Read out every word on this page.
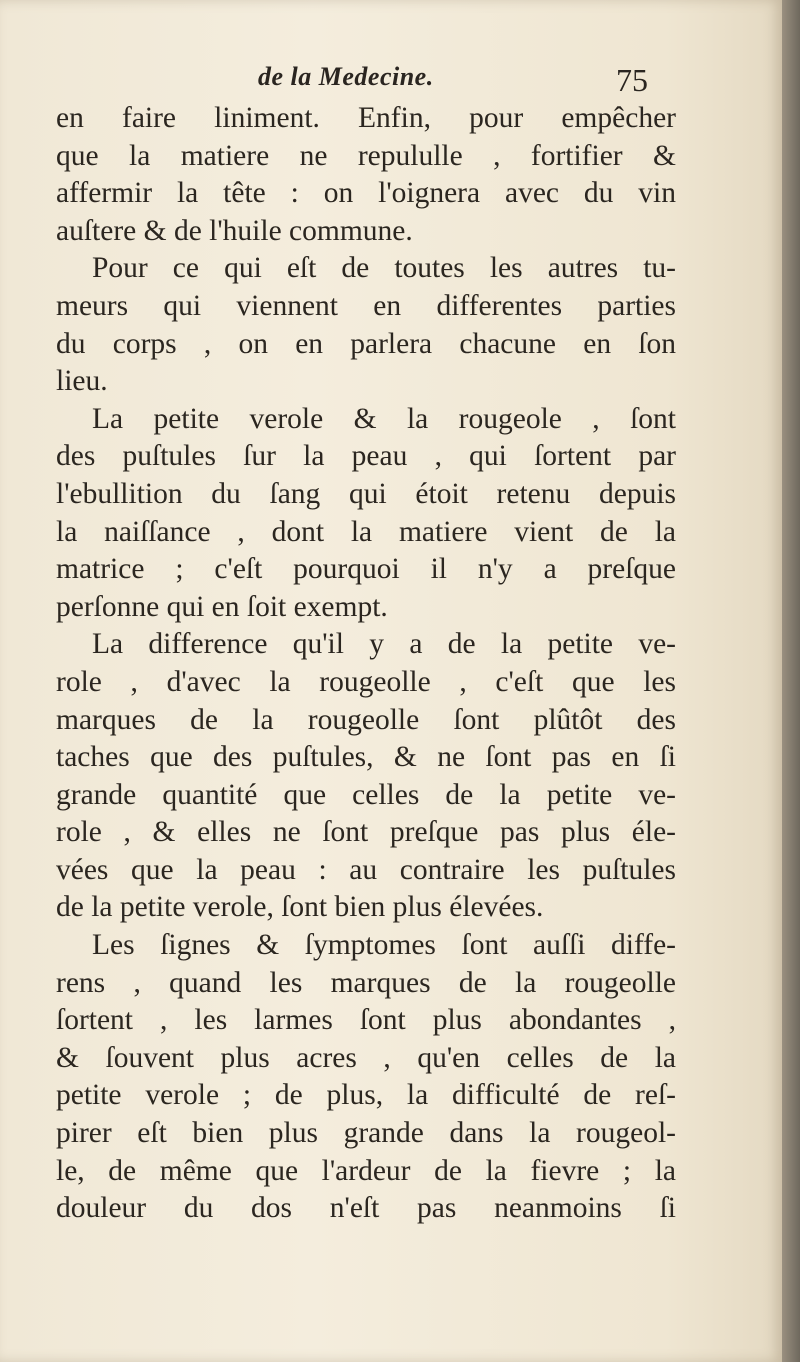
de la Medecine.	75
en faire liniment. Enfin, pour empêcher
que la matiere ne repululle , fortifier &
affermir la tête : on l'oignera avec du vin
auſtere & de l'huile commune.
Pour ce qui eſt de toutes les autres tu-
meurs qui viennent en differentes parties
du corps , on en parlera chacune en ſon
lieu.
La petite verole & la rougeole , ſont
des puſtules ſur la peau , qui ſortent par
l'ebullition du ſang qui étoit retenu depuis
la naiſſance , dont la matiere vient de la
matrice ; c'eſt pourquoi il n'y a preſque
perſonne qui en ſoit exempt.
La difference qu'il y a de la petite ve-
role , d'avec la rougeolle , c'eſt que les
marques de la rougeolle ſont plûtôt des
taches que des puſtules, & ne ſont pas en ſi
grande quantité que celles de la petite ve-
role , & elles ne ſont preſque pas plus éle-
vées que la peau : au contraire les puſtules
de la petite verole, ſont bien plus élevées.
Les ſignes & ſymptomes ſont auſſi diffe-
rens , quand les marques de la rougeolle
ſortent , les larmes ſont plus abondantes ,
& ſouvent plus acres , qu'en celles de la
petite verole ; de plus, la difficulté de reſ-
pirer eſt bien plus grande dans la rougeol-
le, de même que l'ardeur de la fievre ; la
douleur du dos n'eſt pas neanmoins ſi
